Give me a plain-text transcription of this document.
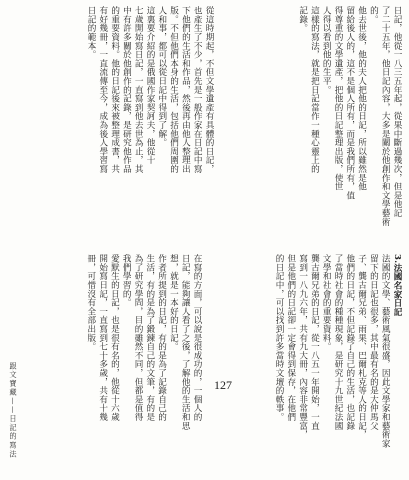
日記，他從一八三五年起，從果中斷過幾次，但是他記
了二十五年，他日記內容，大多是關於他創作和文學藝術
的。
他去世後，他的夫人把他的日記，所以雖然是他
留給後人的，這不是個人所有，而是我們所有，值
得尊重的文學遺產，把他的日記整理出版，使世
人得以看到他的生平。
這樣的寫法，就是把日記當作一種心靈上的
記錄。
從這時期起，不但文學遺產有具體的日記，
也產生了不少，首先是一般作家在日記中寫
下他們的生活和作品，然後再由他人整理出
版。不但他們本身的生活，包括他們周圍的
人和事，都可以從日記中得到了解。
這裏要介紹的是俄國作家契訶夫，他從十
七歲開始寫日記，一直寫到他去世為止，其
中有許多關於他創作的記錄，是研究他作品
的重要資料。他的日記後來被整理成書，共
有好幾冊，一直流傳至今，成為後人學習寫
日記的範本。
3.法國名家日記
法國的文學、藝術風氣很盛，因此文學家和藝術家
留下的日記也很多，其中最有名的是大仲馬父
子、龔古爾兄弟、雨果、巴爾札克等人的日記，
他們的日記，不但記錄了自己的生活，也記錄
了當時社會的種種現象，是研究十九世紀法國
文學和社會的重要資料。
龔古爾兄弟的日記，從一八五一年開始，一直
寫到一八九六年，共有九大冊，內容非常豐富，
但是他們的日記卻一定會得到保存，在他們
的日記中，可以找到許多當時文壇的軼事。
在寫的方面，可以說是很成功的，一個人的
日記，能夠讓人看了之後，了解他的生活和思
想，就是一本好的日記。
作者所提到的日記，有的是為了記錄自己的
生活，有的是為了鍛鍊自己的文筆，有的是
為了研究學問，目的雖然不同，但都是值得
我們學習的。
愛默生的日記，也是很有名的，他從十六歲
開始寫日記，一直寫到七十多歲，共有十幾
冊，可惜沒有全部出版。
跟文寶藏——日記的寫法	127
